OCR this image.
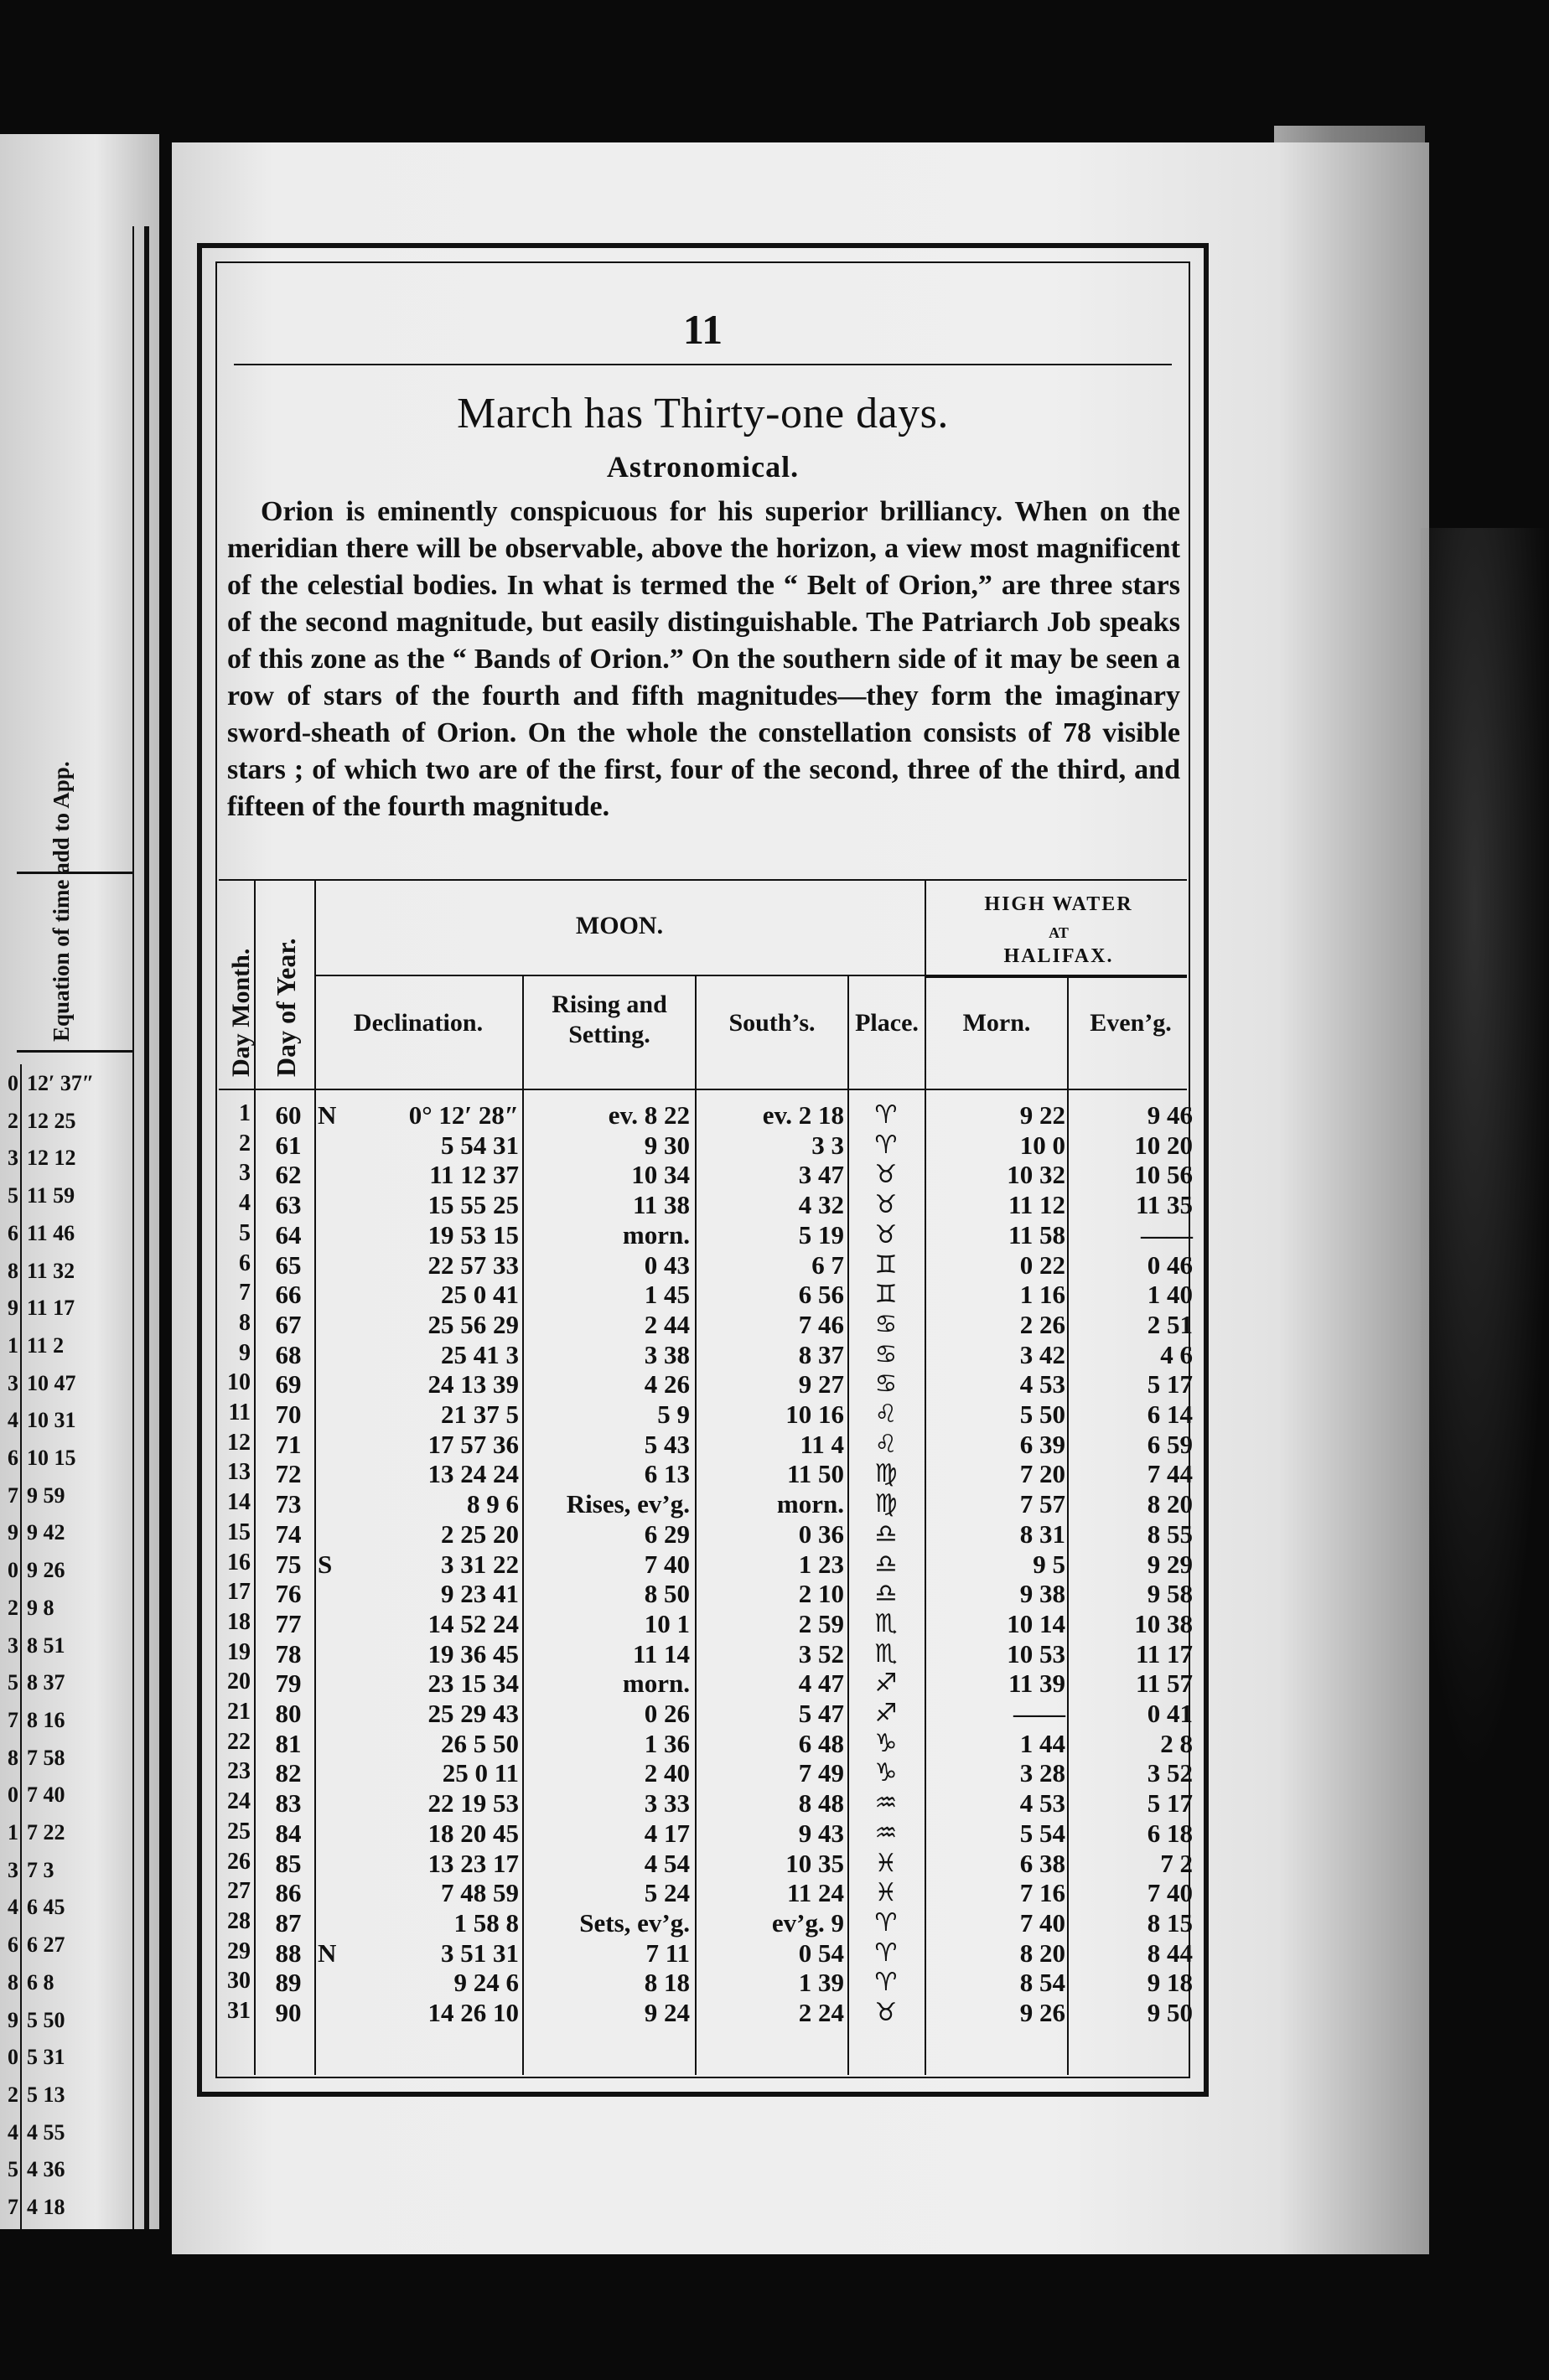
Equation of time add to App.
0 12′ 37″
2 12 25
3 12 12
5 11 59
6 11 46
8 11 32
9 11 17
1 11 2
3 10 47
4 10 31
6 10 15
7 9 59
9 9 42
0 9 26
2 9 8
3 8 51
5 8 37
7 8 16
8 7 58
0 7 40
1 7 22
3 7 3
4 6 45
6 6 27
8 6 8
9 5 50
0 5 31
2 5 13
4 4 55
5 4 36
7 4 18
11
March has Thirty-one days.
Astronomical.

Orion is eminently conspicuous for his superior brilliancy. When on the meridian there will be observable, above the horizon, a view most magnificent of the celestial bodies. In what is termed the “ Belt of Orion,” are three stars of the second magnitude, but easily distinguishable. The Patriarch Job speaks of this zone as the “ Bands of Orion.” On the southern side of it may be seen a row of stars of the fourth and fifth magnitudes—they form the imaginary sword-sheath of Orion. On the whole the constellation consists of 78 visible stars ; of which two are of the first, four of the second, three of the third, and fifteen of the fourth magnitude.

Day Month. Day of Year.
MOON.
HIGH WATER
AT
HALIFAX.
Declination.
Rising and Setting.	South’s.	Place.	Morn.	Even’g.
1 60 N	0° 12′ 28″	ev. 8 22	ev. 2 18	♈	9 22	9 46
2 61	5 54 31	9 30	3 3	♈	10 0	10 20
3 62	11 12 37	10 34	3 47	♉	10 32	10 56
4 63	15 55 25	11 38	4 32	♉	11 12	11 35
5 64	19 53 15	morn.	5 19	♉	11 58	——
6 65	22 57 33	0 43	6 7	♊	0 22	0 46
7 66	25 0 41	1 45	6 56	♊	1 16	1 40
8 67	25 56 29	2 44	7 46	♋	2 26	2 51
9 68	25 41 3	3 38	8 37	♋	3 42	4 6
10 69	24 13 39	4 26	9 27	♋	4 53	5 17
11 70	21 37 5	5 9	10 16	♌	5 50	6 14
12 71	17 57 36	5 43	11 4	♌	6 39	6 59
13 72	13 24 24	6 13	11 50	♍	7 20	7 44
14 73	8 9 6	Rises, ev’g.	morn.	♍	7 57	8 20
15 74	2 25 20	6 29	0 36	♎	8 31	8 55
16 75 S	3 31 22	7 40	1 23	♎	9 5	9 29
17 76	9 23 41	8 50	2 10	♎	9 38	9 58
18 77	14 52 24	10 1	2 59	♏	10 14	10 38
19 78	19 36 45	11 14	3 52	♏	10 53	11 17
20 79	23 15 34	morn.	4 47	♐	11 39	11 57
21 80	25 29 43	0 26	5 47	♐	——	0 41
22 81	26 5 50	1 36	6 48	♑	1 44	2 8
23 82	25 0 11	2 40	7 49	♑	3 28	3 52
24 83	22 19 53	3 33	8 48	♒	4 53	5 17
25 84	18 20 45	4 17	9 43	♒	5 54	6 18
26 85	13 23 17	4 54	10 35	♓	6 38	7 2
27 86	7 48 59	5 24	11 24	♓	7 16	7 40
28 87	1 58 8	Sets, ev’g.	ev’g. 9	♈	7 40	8 15
29 88 N	3 51 31	7 11	0 54	♈	8 20	8 44
30 89	9 24 6	8 18	1 39	♈	8 54	9 18
31 90	14 26 10	9 24	2 24	♉	9 26	9 50
